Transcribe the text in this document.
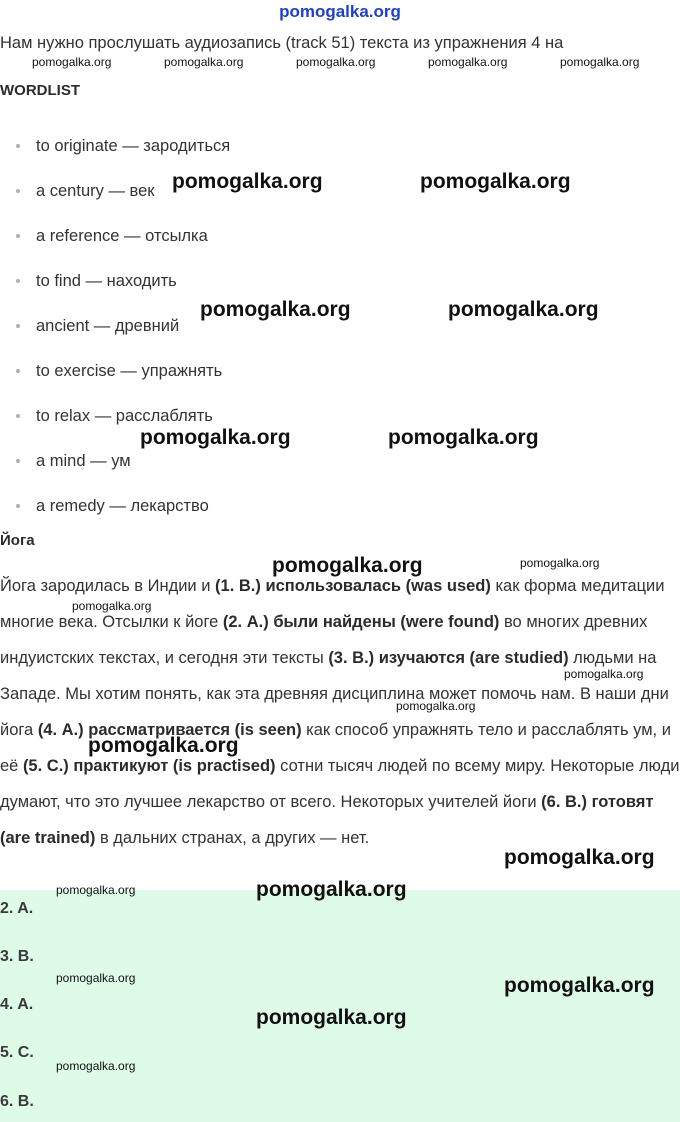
pomogalka.org
Нам нужно прослушать аудиозапись (track 51) текста из упражнения 4 на
WORDLIST
to originate — зародиться
a century — век
a reference — отсылка
to find — находить
ancient — древний
to exercise — упражнять
to relax — расслаблять
a mind — ум
a remedy — лекарство
Йога
Йога зародилась в Индии и (1. B.) использовалась (was used) как форма медитации многие века. Отсылки к йоге (2. A.) были найдены (were found) во многих древних индуистских текстах, и сегодня эти тексты (3. B.) изучаются (are studied) людьми на Западе. Мы хотим понять, как эта древняя дисциплина может помочь нам. В наши дни йога (4. A.) рассматривается (is seen) как способ упражнять тело и расслаблять ум, и её (5. C.) практикуют (is practised) сотни тысяч людей по всему миру. Некоторые люди думают, что это лучшее лекарство от всего. Некоторых учителей йоги (6. B.) готовят (are trained) в дальних странах, а других — нет.
2. A.
3. B.
4. A.
5. C.
6. B.
pomogalka.org	pomogalka.org	pomogalka.org	pomogalka.org	pomogalka.org
pomogalka.org	pomogalka.org
pomogalka.org	pomogalka.org
pomogalka.org	pomogalka.org
pomogalka.org	pomogalka.org
pomogalka.org
pomogalka.org
pomogalka.org
pomogalka.org
pomogalka.org
pomogalka.org	pomogalka.org
pomogalka.org	pomogalka.org
pomogalka.org
pomogalka.org
